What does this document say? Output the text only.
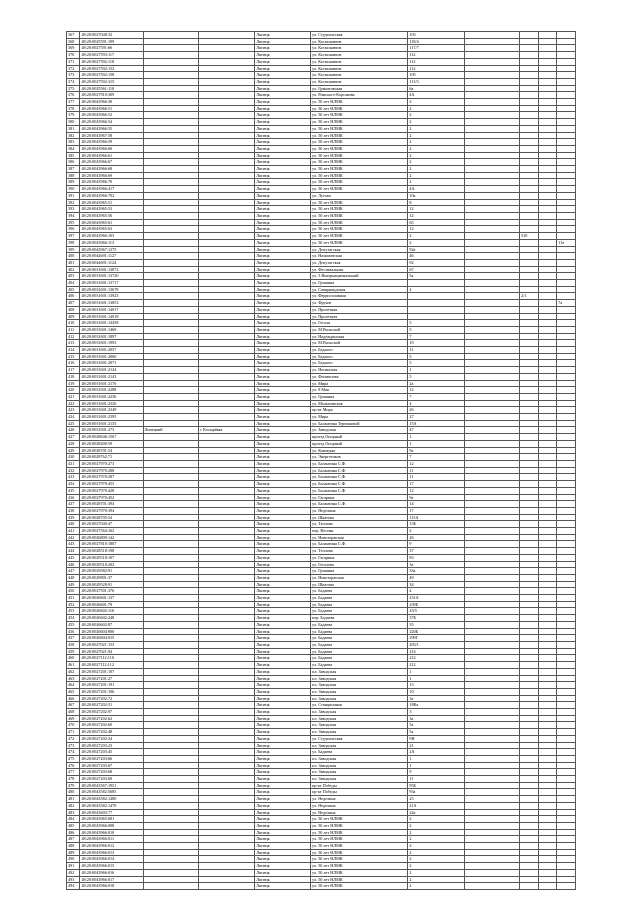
367	48:20:0027048:32			Липецк	ул. Студенческая	103				
368	48:20:0025591:199			Липецк	ул. Космонавтов	118/4				
369	48:20:0027591:66			Липецк	ул. Космонавтов	117/7				
370	48:20:0027593:117			Липецк	ул. Космонавтов	112				
371	48:20:0027592:118			Липецк	ул. Космонавтов	112				
372	48:20:0027592:152			Липецк	ул. Космонавтов	112				
373	48:20:0027592:158			Липецк	ул. Космонавтов	105				
374	48:20:0027592:315			Липецк	ул. Космонавтов	111/3				
375	48:20:0025561:110			Липецк	ул. Гранитовская	6а				
376	48:20:0027910:309			Липецк	ул. Римского-Корсакова	4А				
377	48:20:0043966:30			Липецк	ул. 50 лет НЛМК	2				
378	48:20:0043966:51			Липецк	ул. 50 лет НЛМК	2				
379	48:20:0043966:52			Липецк	ул. 50 лет НЛМК	2				
380	48:20:0043966:54			Липецк	ул. 50 лет НЛМК	2				
381	48:20:0043966:55			Липецк	ул. 50 лет НЛМК	2				
382	48:20:0043967:58			Липецк	ул. 50 лет НЛМК	2				
383	48:20:0043966:59			Липецк	ул. 50 лет НЛМК	2				
384	48:20:0043966:60			Липецк	ул. 50 лет НЛМК	2				
385	48:20:0043966:61			Липецк	ул. 50 лет НЛМК	2				
386	48:20:0043966:67			Липецк	ул. 50 лет НЛМК	2				
387	48:20:0043966:68			Липецк	ул. 50 лет НЛМК	2				
388	48:20:0043966:69			Липецк	ул. 50 лет НЛМК	2				
389	48:20:0043966:70			Липецк	ул. 50 лет НЛМК	2				
390	48:20:0043966:417			Липецк	ул. 50 лет НЛМК	4А				
391	48:20:0043966:702			Липецк	ул. Лутова	10а				
392	48:20:0043965:51			Липецк	ул. 50 лет НЛМК	8				
393	48:20:0043965:53			Липецк	ул. 50 лет НЛМК	12				
394	48:20:0043965:56			Липецк	ул. 50 лет НЛМК	12				
395	48:20:0043965:61			Липецк	ул. 50 лет НЛМК	65				
396	48:20:0043965:63			Липецк	ул. 50 лет НЛМК	12				
397	48:20:0043966:103			Липецк	ул. 50 лет НЛМК	2		310		
398	48:20:0043966:113			Липецк	ул. 50 лет НЛМК	2				11е
399	48:20:0043967:1275			Липецк	ул. Депутатская	92а				
400	48:20:0044691:1127			Липецк	ул. Нахимовская	46				
401	48:20:0044691:1124			Липецк	ул. Депутатская	92				
402	48:20:0031601:13872			Липецк	ул. Фестивальная	67				
403	48:20:0031601:13720			Липецк	ул. 3 Интернациональный	5а				
404	48:20:0031601:13717			Липецк	ул. Гришина					
405	48:20:0031601:13678			Липецк	ул. Самаркандская	4				
406	48:20:0031601:13923			Липецк	ул. Ферросплавная			2/1		
407	48:20:0031601:13853			Липецк	ул. Фрунзе					7а
408	48:20:0031601:14017			Липецк	ул. Пролетная					
409	48:20:0031601:14018			Липецк	ул. Пролетная					
410	48:20:0031601:14458			Липецк	ул. Гоголя	5				
411	48:20:0031601:1469			Липецк	ул. М.Рыльской	5				
412	48:20:0031601:1897			Липецк	ул. Надеждинская	7				
413	48:20:0031601:1993			Липецк	ул. М.Рыльской	10				
414	48:20:0031601:2057			Липецк	ул. Бедного	11				
415	48:20:0031601:2060			Липецк	ул. Бедного	5				
416	48:20:0031601:2071			Липецк	ул. Бедного	5				
417	48:20:0031601:2124			Липецк	ул. Ногинская	1				
418	48:20:0031601:2143			Липецк	ул. Филиппова	5				
419	48:20:0031601:2176			Липецк	ул. Мира	2а				
420	48:20:0031601:2288			Липецк	ул. 8 Мая	12				
421	48:20:0031601:2236			Липецк	ул. Гришина	7				
422	48:20:0031601:2326			Липецк	ул. Малыгинская	4				
423	48:20:0031601:2349			Липецк	пр-кт Мира	26				
424	48:20:0031601:2395			Липецк	ул. Мира	27				
425	48:20:0031601:2135			Липецк	ул. Балантина Терешковой	15А				
426	48:20:0031601:273	Липецкий	г Косырёвка	Липецк	ул. Заводская	47				
427	48:20:0028646:1567			Липецк	проезд Опорный	1				
428	48:20:0028400:59			Липецк	проезд Опорный	1				
429	48:20:0028701:54			Липецк	ул. Коммуны	9а				
430	48:20:0028762:71			Липецк	ул. Энергетиков	7				
431	48:20:0027970:273			Липецк	ул. Балантина С.Ф.	12				
432	48:20:0027970:288			Липецк	ул. Балантина С.Ф.	11				
433	48:20:0027970:287			Липецк	ул. Балантина С.Ф.	11				
434	48:20:0027970:455			Липецк	ул. Балантина С.Ф.	17				
435	48:20:0027970:428			Липецк	ул. Балантина С.Ф.	12				
436	48:20:0027970:452			Липецк	ул. Гагарина	9а				
437	48:20:0028701:394			Липецк	ул. Балантина С.Ф.	14				
438	48:20:0027970:394			Липецк	ул. Неделина	17				
439	48:20:0028705:54			Липецк	ул. Шкатова	115А				
440	48:20:0027040:47			Липецк	ул. Теплова	13Б				
441	48:20:0027564:162			Липецк	пер. Весенн	2				
442	48:20:0026809:142			Липецк	ул. Новоторжская	26				
443	48:20:0027810:1807			Липецк	ул. Балантина С.Ф.	9				
444	48:20:0028518:198			Липецк	ул. Теплова	37				
445	48:20:0029518:107			Липецк	ул. Гагарина	83				
446	48:20:0029518:202			Липецк	ул. Гоголева	3а				
447	48:20:0029582:91			Липецк	ул. Гришина	33а				
448	48:20:0029801:37			Липецк	ул. Новоторжская	49				
449	48:20:0029528:91			Липецк	ул. Шкатова	34				
450	48:20:0027501:376			Липецк	ул. Бадаева	4				
451	48:20:0026601:137			Липецк	ул. Бадаева	231А				
452	48:20:0026601:79			Липецк	ул. Бадаева	239Б				
453	48:20:0026602:116			Липецк	ул. Бадаева	43/5				
454	48:20:0026602:248			Липецк	пер. Бадаева	37Б				
455	48:20:0026602:87			Липецк	ул. Бадаева	35				
456	48:20:0026604:900			Липецк	ул. Бадаева	220Б				
457	48:20:0026604:915			Липецк	ул. Бадаева	299Г				
458	48:20:0027021:153			Липецк	ул. Бадаева	203/1				
459	48:20:0027021:94			Липецк	ул. Бадаева	214				
460	48:20:0027112:110			Липецк	ул. Бадаева	212				
461	48:20:0027112:112			Липецк	ул. Бадаева	212				
462	48:20:0027201:107			Липецк	пл. Заводская	1				
463	48:20:0027201:27			Липецк	пл. Заводская	1				
464	48:20:0027201:191			Липецк	пл. Заводская	13				
465	48:20:0027201:106			Липецк	пл. Заводская	10				
466	48:20:0027202:72			Липецк	пл. Заводская	3а				
467	48:20:0027202:51			Липецк	ул. Станционная	18Ка				
468	48:20:0027202:97			Липецк	пл. Заводская	3				
469	48:20:0027202:62			Липецк	пл. Заводская	3а				
470	48:20:0027202:60			Липецк	пл. Заводская	5а				
471	48:20:0027202:48			Липецк	пл. Заводская	5а				
472	48:20:0027202:34			Липецк	ул. Студенческая	9Н				
473	48:20:0027203:23			Липецк	пл. Заводская	21				
474	48:20:0027203:45			Липецк	ул. Бадаева	2А				
475	48:20:0027203:66			Липецк	пл. Заводская	1				
476	48:20:0027203:67			Липецк	пл. Заводская	1				
477	48:20:0027203:68			Липецк	пл. Заводская	9				
478	48:20:0027203:69			Липецк	пл. Заводская	11				
479	48:20:0043567:1951			Липецк	пр-кт Победы	95Б				
480	48:20:0043582:5685			Липецк	пр-кт Победы	93а				
481	48:20:0043582:1480			Липецк	ул. Неделина	25				
482	48:20:0043582:1470			Липецк	ул. Неделина	21А				
483	48:20:0043603:77			Липецк	ул. Неделина	22а				
484	48:20:0043965:681			Липецк	ул. 50 лет НЛМК	2				
485	48:20:0043966:008			Липецк	ул. 50 лет НЛМК	2				
486	48:20:0043966:010			Липецк	ул. 50 лет НЛМК	2				
487	48:20:0043966:011			Липецк	ул. 50 лет НЛМК	2				
488	48:20:0043966:012			Липецк	ул. 50 лет НЛМК	2				
489	48:20:0043966:013			Липецк	ул. 50 лет НЛМК	2				
490	48:20:0043966:014			Липецк	ул. 50 лет НЛМК	2				
491	48:20:0043966:015			Липецк	ул. 50 лет НЛМК	2				
492	48:20:0043966:016			Липецк	ул. 50 лет НЛМК	2				
493	48:20:0043966:017			Липецк	ул. 50 лет НЛМК	2				
494	48:20:0043966:018			Липецк	ул. 50 лет НЛМК	2				
